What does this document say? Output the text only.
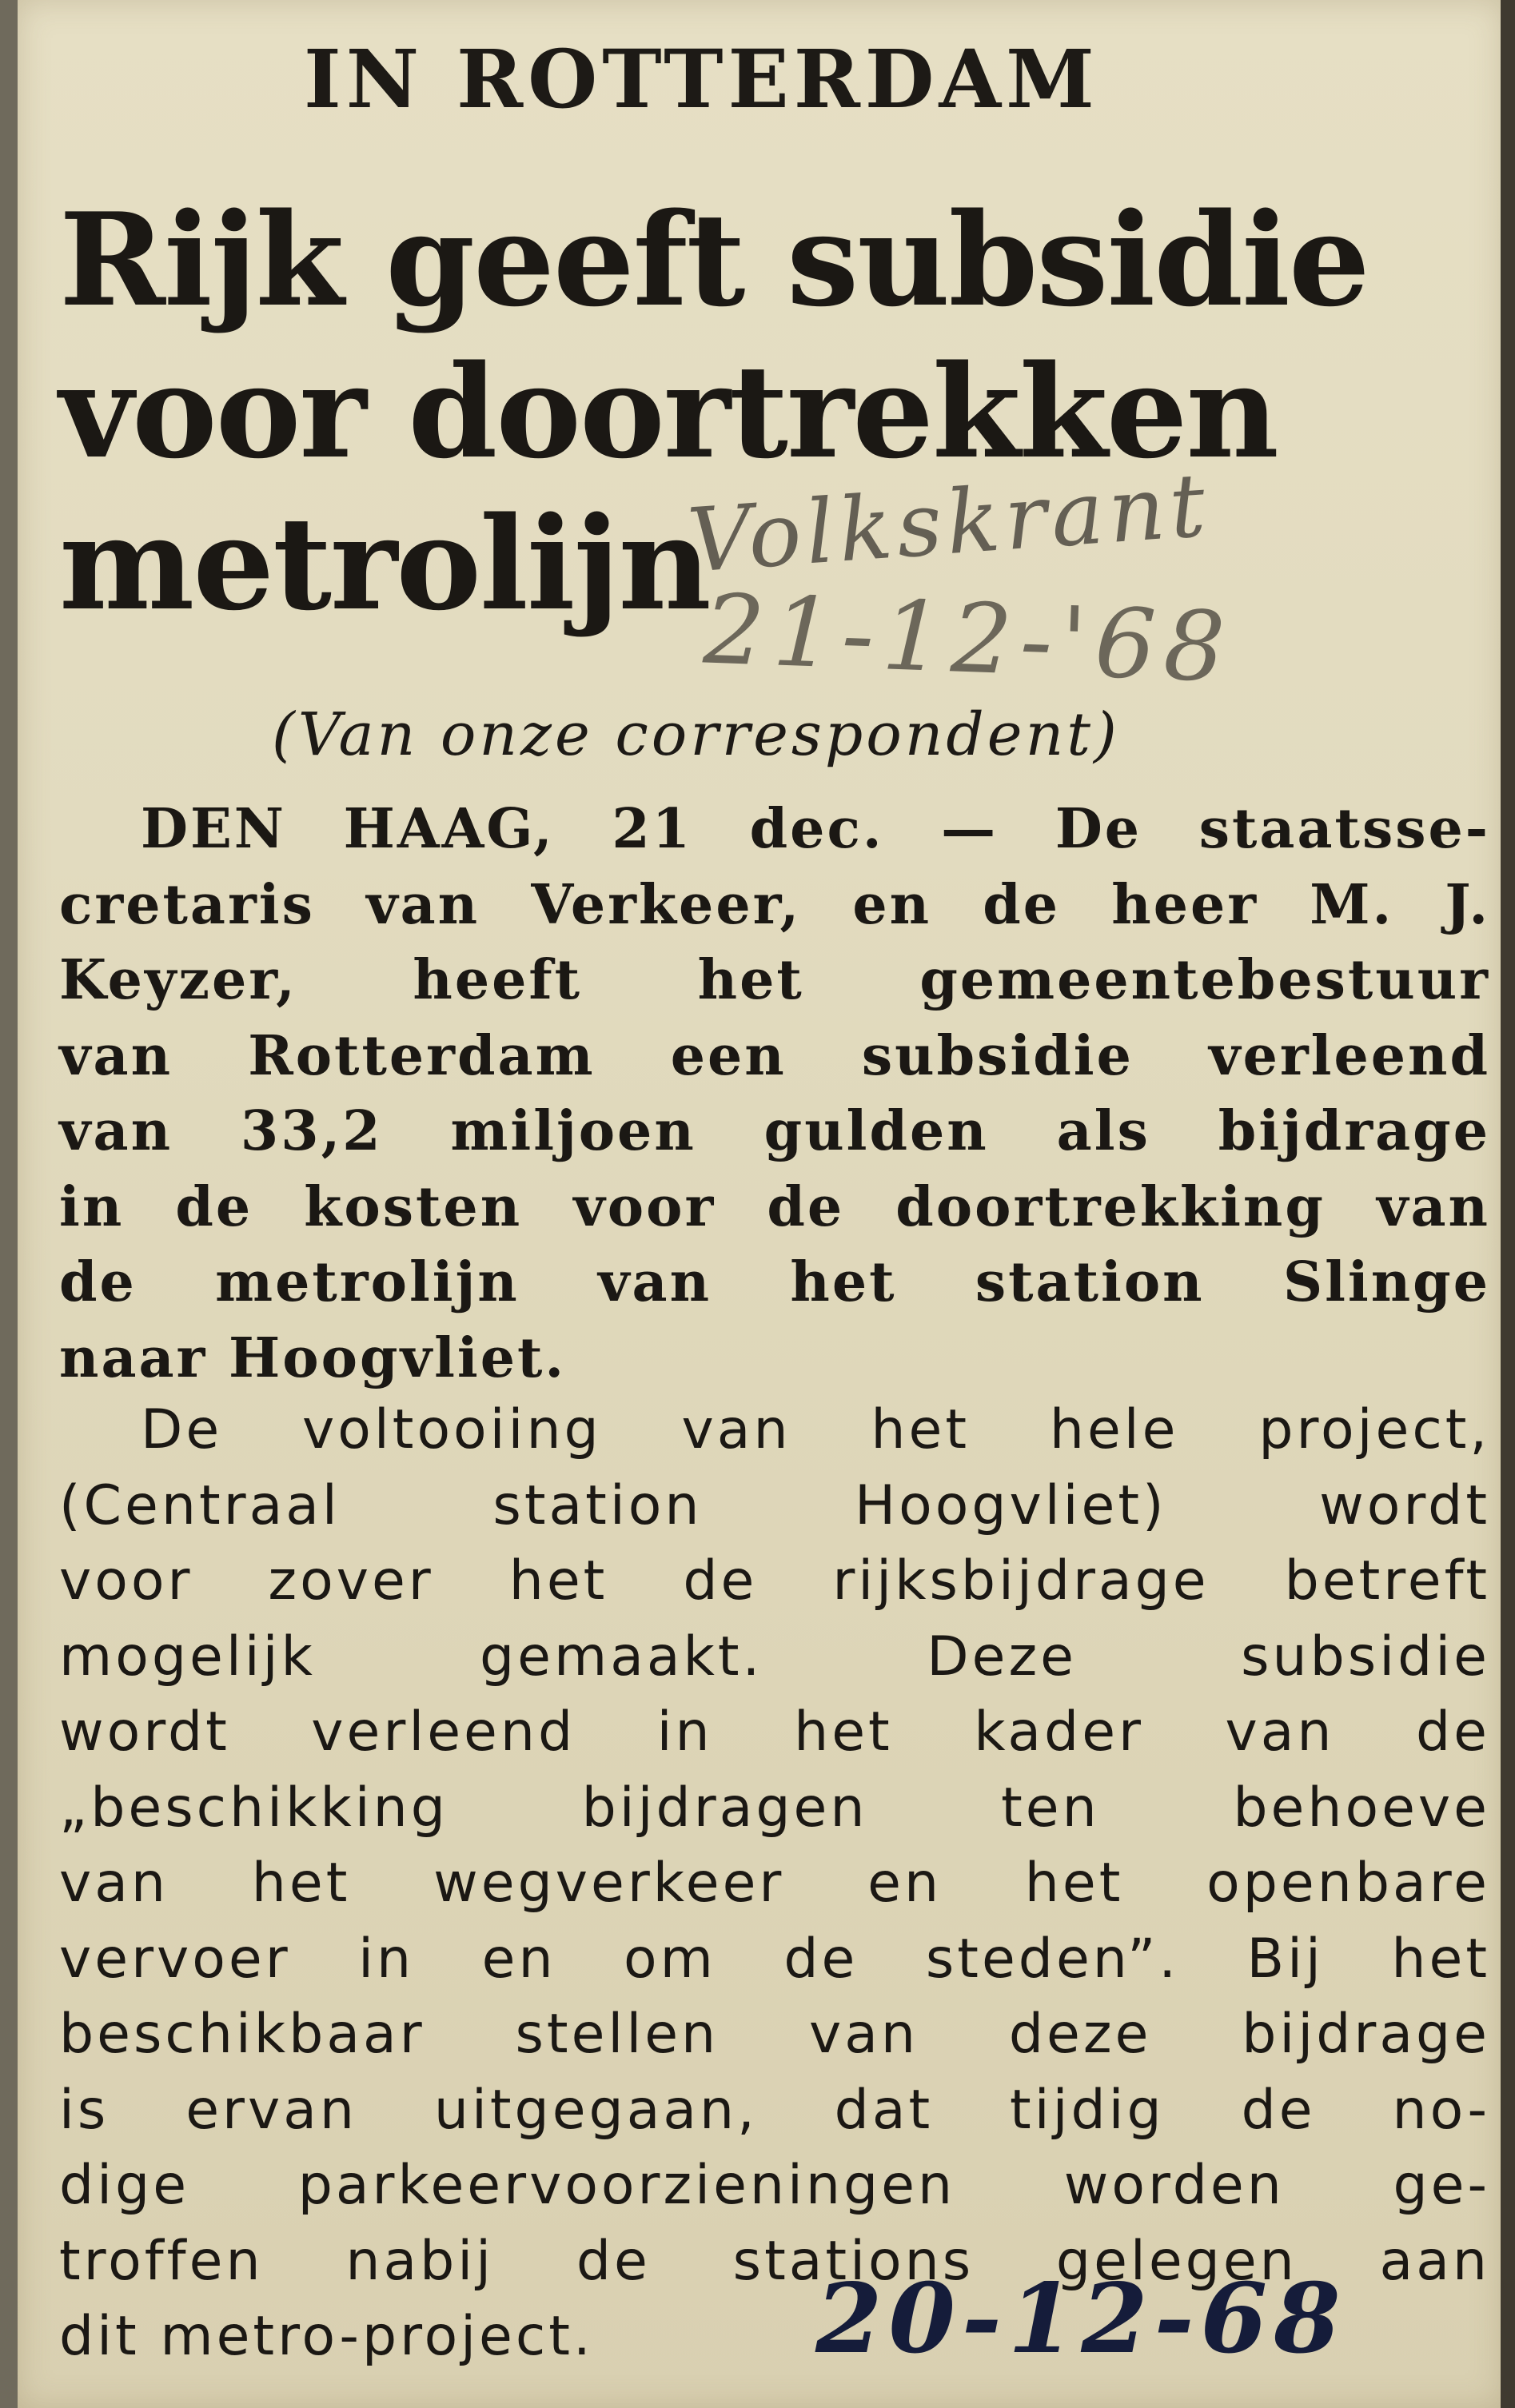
IN ROTTERDAM
Rijk geeft subsidie
voor doortrekken
metrolijn
Volkskrant
21-12-'68
(Van onze correspondent)
DEN HAAG, 21 dec. — De staatsse-
cretaris van Verkeer, en de heer M. J.
Keyzer, heeft het gemeentebestuur
van Rotterdam een subsidie verleend
van 33,2 miljoen gulden als bijdrage
in de kosten voor de doortrekking van
de metrolijn van het station Slinge
naar Hoogvliet.
De voltooiing van het hele project,
(Centraal station Hoogvliet) wordt
voor zover het de rijksbijdrage betreft
mogelijk gemaakt. Deze subsidie
wordt verleend in het kader van de
„beschikking bijdragen ten behoeve
van het wegverkeer en het openbare
vervoer in en om de steden”. Bij het
beschikbaar stellen van deze bijdrage
is ervan uitgegaan, dat tijdig de no-
dige parkeervoorzieningen worden ge-
troffen nabij de stations gelegen aan
dit metro-project.	20-12-68
